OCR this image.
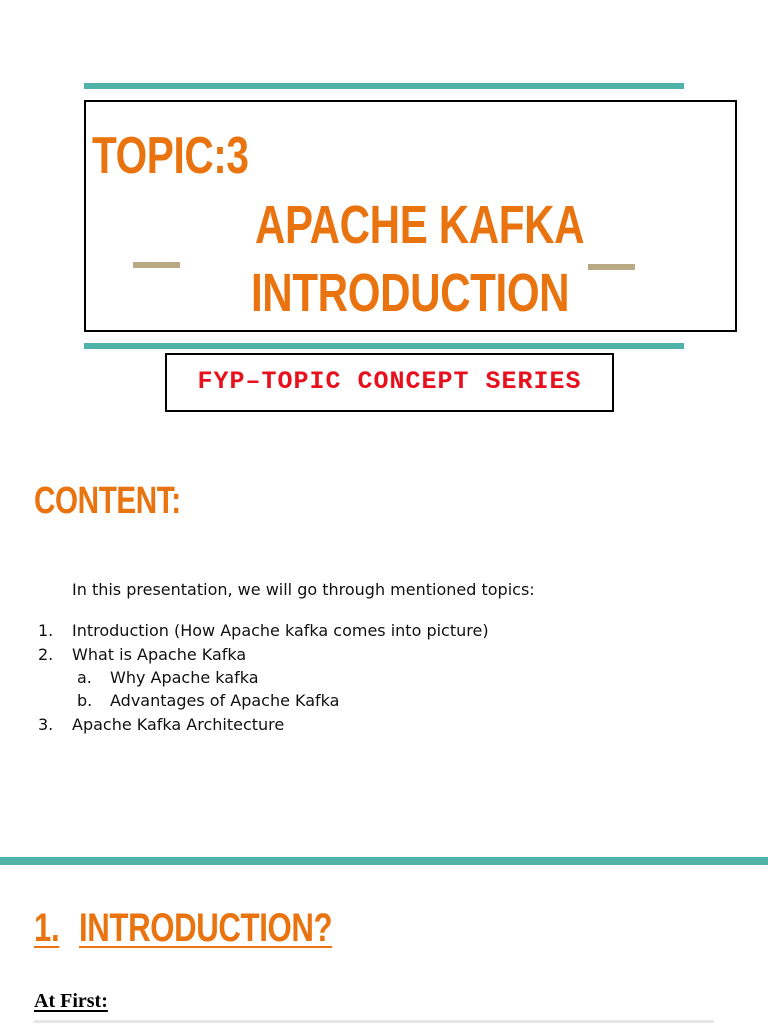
TOPIC:3
APACHE KAFKA
INTRODUCTION
FYP–TOPIC CONCEPT SERIES
CONTENT:
In this presentation, we will go through mentioned topics:
1. Introduction (How Apache kafka comes into picture)
2. What is Apache Kafka
a. Why Apache kafka
b. Advantages of Apache Kafka
3. Apache Kafka Architecture
1. INTRODUCTION?
At First:
